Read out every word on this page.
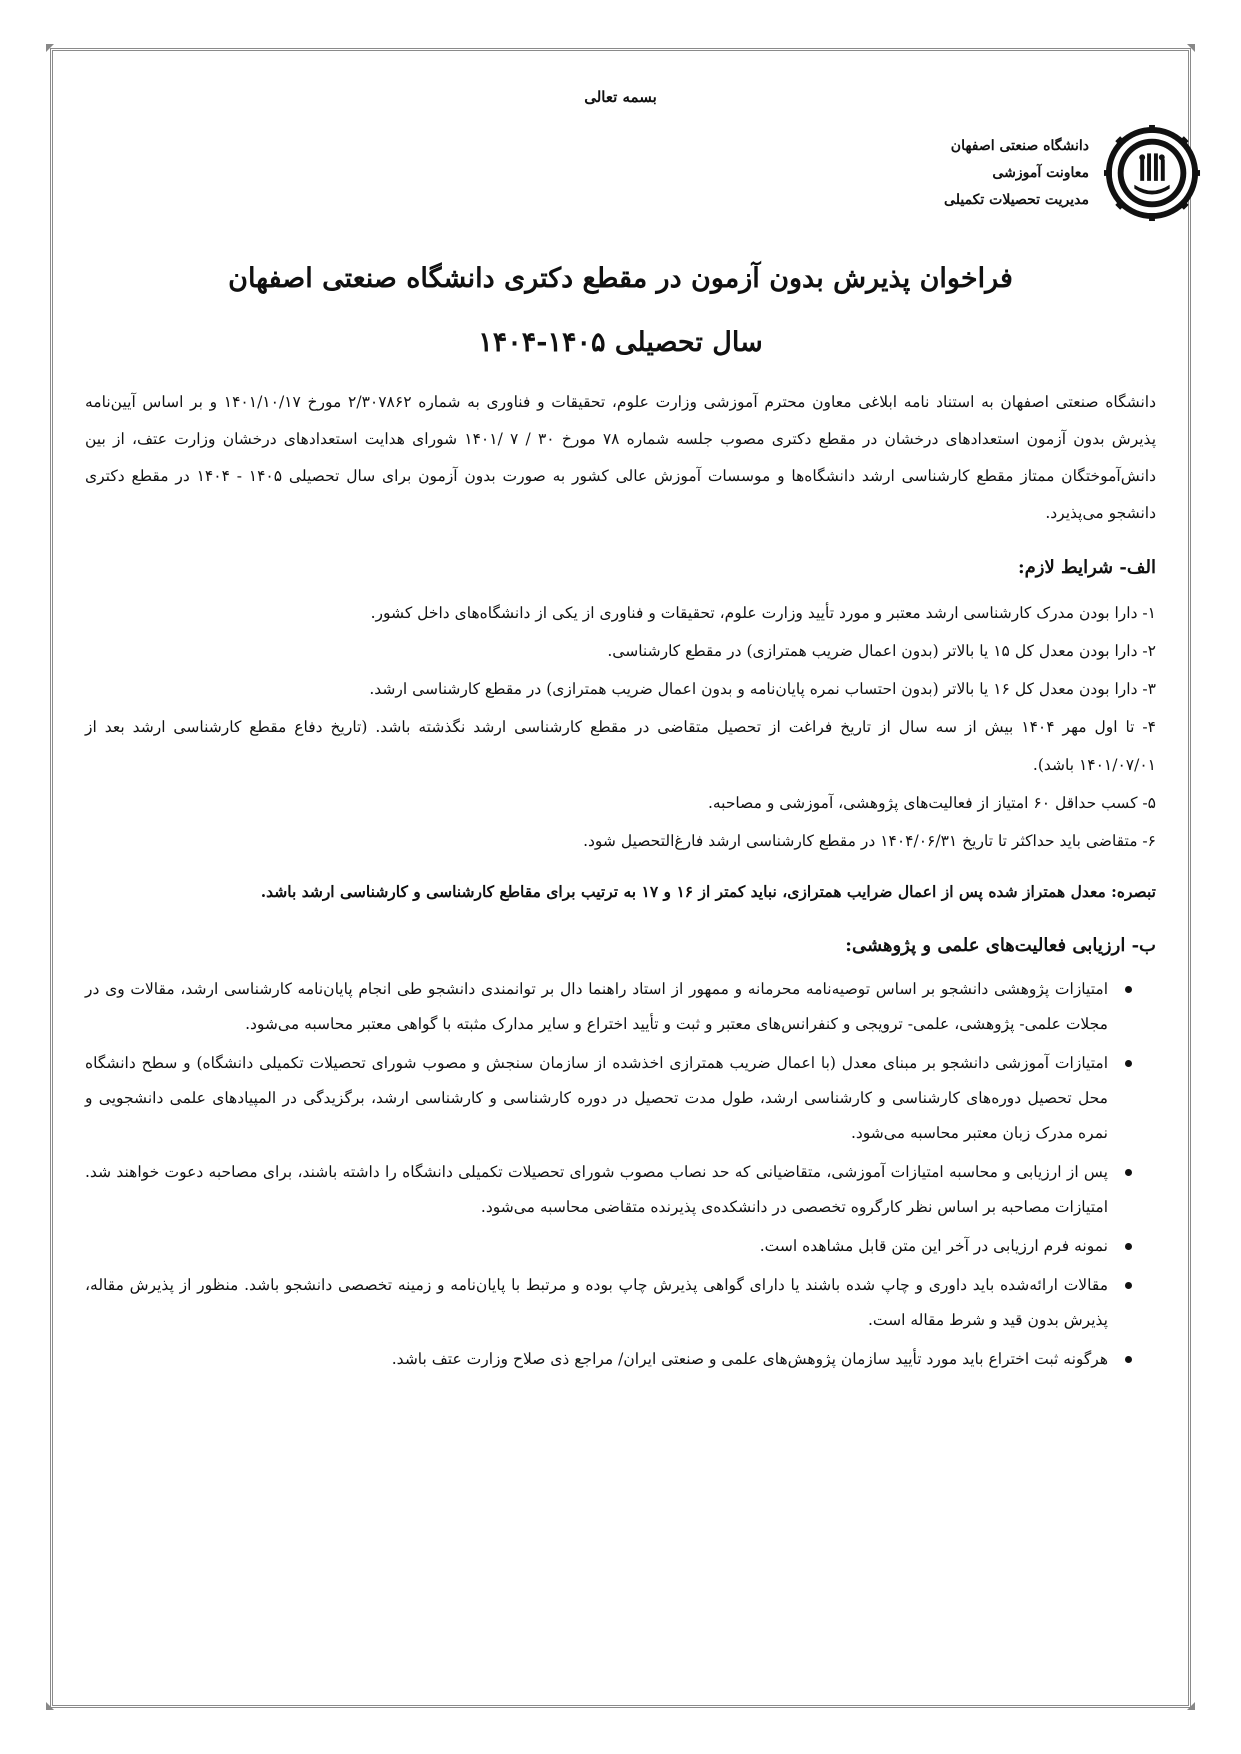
بسمه تعالی
دانشگاه صنعتی اصفهان
معاونت آموزشی
مدیریت تحصیلات تکمیلی
فراخوان پذیرش بدون آزمون در مقطع دکتری دانشگاه صنعتی اصفهان
سال تحصیلی ۱۴۰۵-۱۴۰۴

دانشگاه صنعتی اصفهان به استناد نامه ابلاغی معاون محترم آموزشی وزارت علوم، تحقیقات و فناوری به شماره ۲/۳۰۷۸۶۲ مورخ ۱۴۰۱/۱۰/۱۷ و بر اساس آیین‌نامه پذیرش بدون آزمون استعدادهای درخشان در مقطع دکتری مصوب جلسه شماره ۷۸ مورخ ۳۰ / ۷ /۱۴۰۱ شورای هدایت استعدادهای درخشان وزارت عتف، از بین دانش‌آموختگان ممتاز مقطع کارشناسی ارشد دانشگاه‌ها و موسسات آموزش عالی کشور به صورت بدون آزمون برای سال تحصیلی ۱۴۰۵ - ۱۴۰۴ در مقطع دکتری دانشجو می‌پذیرد.

الف- شرایط لازم:

۱- دارا بودن مدرک کارشناسی ارشد معتبر و مورد تأیید وزارت علوم، تحقیقات و فناوری از یکی از دانشگاه‌های داخل کشور.

۲- دارا بودن معدل کل ۱۵ یا بالاتر (بدون اعمال ضریب همترازی) در مقطع کارشناسی.

۳- دارا بودن معدل کل ۱۶ یا بالاتر (بدون احتساب نمره پایان‌نامه و بدون اعمال ضریب همترازی) در مقطع کارشناسی ارشد.

۴- تا اول مهر ۱۴۰۴ بیش از سه سال از تاریخ فراغت از تحصیل متقاضی در مقطع کارشناسی ارشد نگذشته باشد. (تاریخ دفاع مقطع کارشناسی ارشد بعد از ۱۴۰۱/۰۷/۰۱ باشد).

۵- کسب حداقل ۶۰ امتیاز از فعالیت‌های پژوهشی، آموزشی و مصاحبه.

۶- متقاضی باید حداکثر تا تاریخ ۱۴۰۴/۰۶/۳۱ در مقطع کارشناسی ارشد فارغ‌التحصیل شود.

تبصره: معدل همتراز شده پس از اعمال ضرایب همترازی، نباید کمتر از ۱۶ و ۱۷ به ترتیب برای مقاطع کارشناسی و کارشناسی ارشد باشد.

ب- ارزیابی فعالیت‌های علمی و پژوهشی:
امتیازات پژوهشی دانشجو بر اساس توصیه‌نامه محرمانه و ممهور از استاد راهنما دال بر توانمندی دانشجو طی انجام پایان‌نامه کارشناسی ارشد، مقالات وی در مجلات علمی- پژوهشی، علمی- ترویجی و کنفرانس‌های معتبر و ثبت و تأیید اختراع و سایر مدارک مثبته با گواهی معتبر محاسبه می‌شود.
امتیازات آموزشی دانشجو بر مبنای معدل (با اعمال ضریب همترازی اخذشده از سازمان سنجش و مصوب شورای تحصیلات تکمیلی دانشگاه) و سطح دانشگاه محل تحصیل دوره‌های کارشناسی و کارشناسی ارشد، طول مدت تحصیل در دوره کارشناسی و کارشناسی ارشد، برگزیدگی در المپیادهای علمی دانشجویی و نمره مدرک زبان معتبر محاسبه می‌شود.
پس از ارزیابی و محاسبه امتیازات آموزشی، متقاضیانی که حد نصاب مصوب شورای تحصیلات تکمیلی دانشگاه را داشته باشند، برای مصاحبه دعوت خواهند شد. امتیازات مصاحبه بر اساس نظر کارگروه تخصصی در دانشکده‌ی پذیرنده متقاضی محاسبه می‌شود.
نمونه فرم ارزیابی در آخر این متن قابل مشاهده است.
مقالات ارائه‌شده باید داوری و چاپ شده باشند یا دارای گواهی پذیرش چاپ بوده و مرتبط با پایان‌نامه و زمینه تخصصی دانشجو باشد. منظور از پذیرش مقاله، پذیرش بدون قید و شرط مقاله است.
هرگونه ثبت اختراع باید مورد تأیید سازمان پژوهش‌های علمی و صنعتی ایران/ مراجع ذی صلاح وزارت عتف باشد.
